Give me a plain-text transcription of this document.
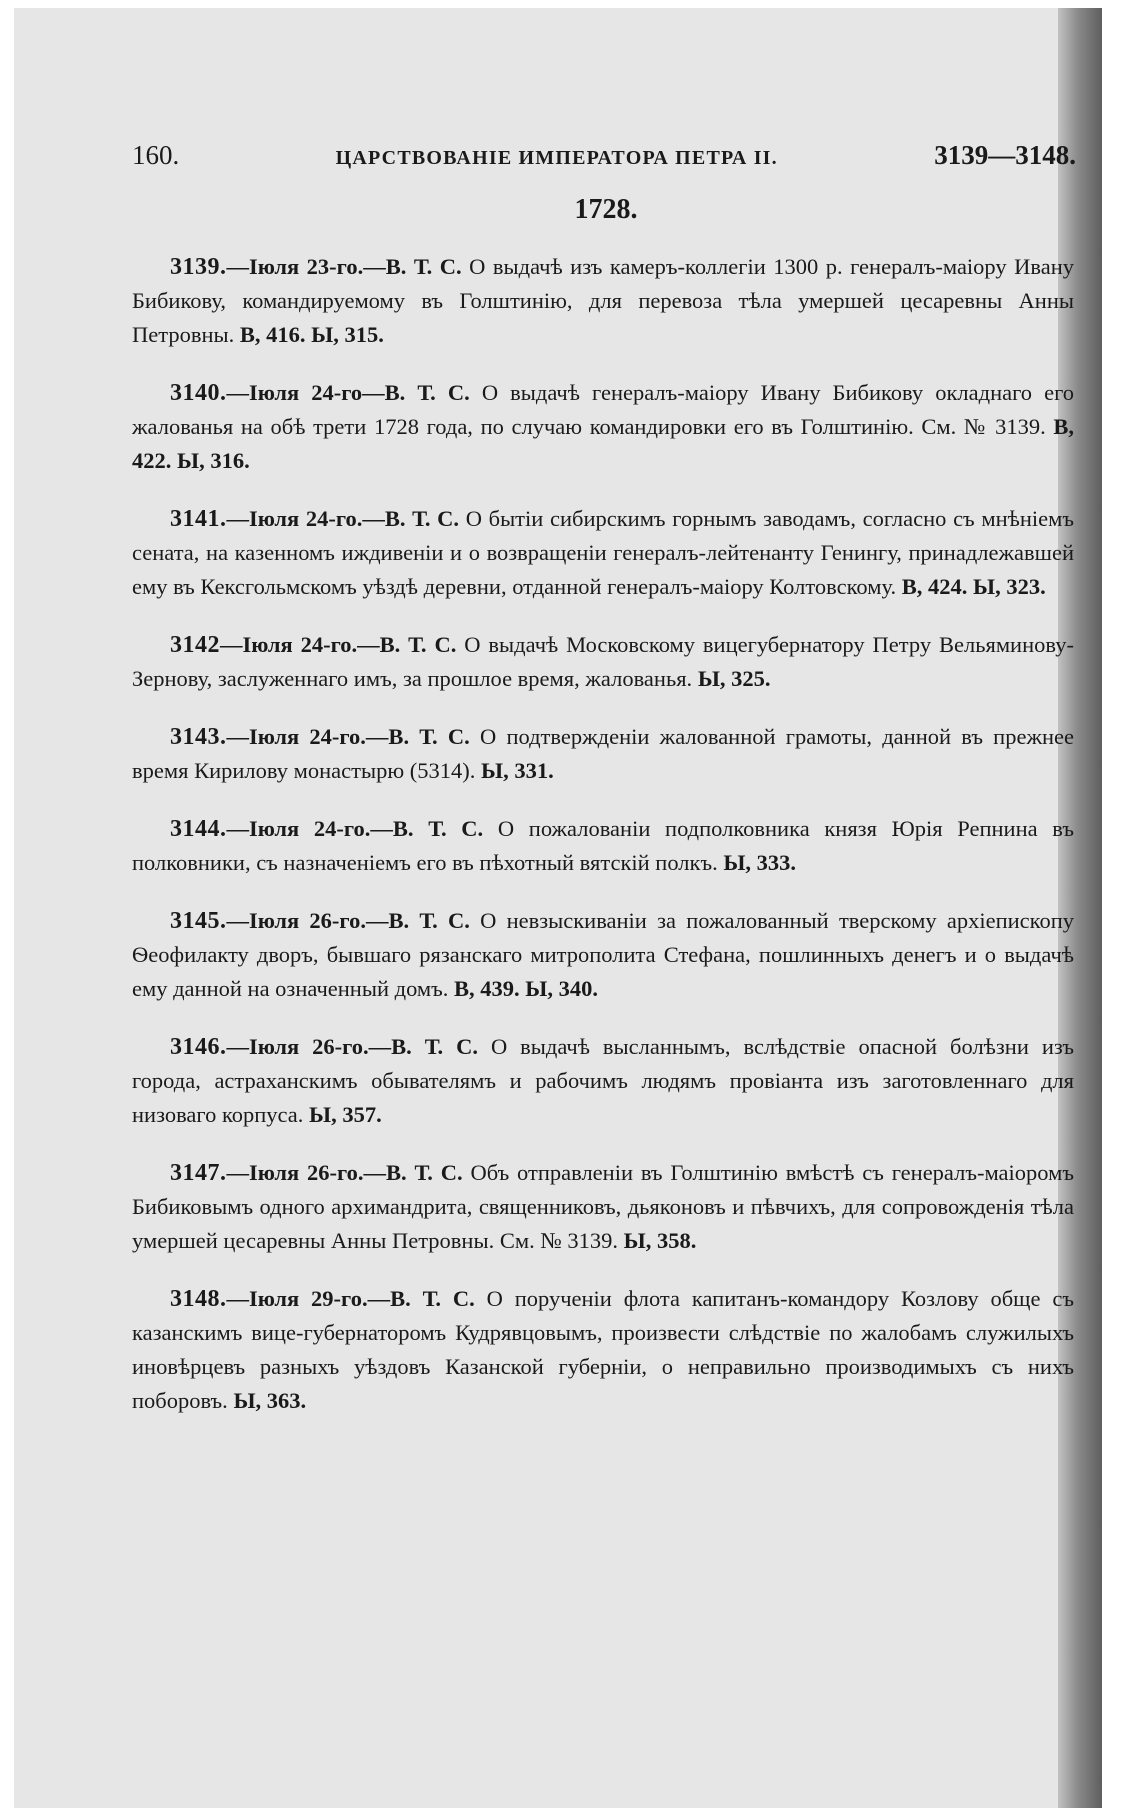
160.	ЦАРСТВОВАНІЕ ИМПЕРАТОРА ПЕТРА II.	3139—3148.
1728.

3139.—Іюля 23-го.—В. Т. С. О выдачѣ изъ камеръ-коллегіи 1300 р. генералъ-маіору Ивану Бибикову, командируемому въ Голштинію, для перевоза тѣла умершей цесаревны Анны Петровны. В, 416. Ы, 315.

3140.—Іюля 24-го—В. Т. С. О выдачѣ генералъ-маіору Ивану Бибикову окладнаго его жалованья на обѣ трети 1728 года, по случаю командировки его въ Голштинію. См. № 3139. В, 422. Ы, 316.

3141.—Іюля 24-го.—В. Т. С. О бытіи сибирскимъ горнымъ заводамъ, согласно съ мнѣніемъ сената, на казенномъ иждивеніи и о возвращеніи генералъ-лейтенанту Генингу, принадлежавшей ему въ Кексгольмскомъ уѣздѣ деревни, отданной генералъ-маіору Колтовскому. В, 424. Ы, 323.

3142—Іюля 24-го.—В. Т. С. О выдачѣ Московскому вицегубернатору Петру Вельяминову-Зернову, заслуженнаго имъ, за прошлое время, жалованья. Ы, 325.

3143.—Іюля 24-го.—В. Т. С. О подтвержденіи жалованной грамоты, данной въ прежнее время Кирилову монастырю (5314). Ы, 331.

3144.—Іюля 24-го.—В. Т. С. О пожалованіи подполковника князя Юрія Репнина въ полковники, съ назначеніемъ его въ пѣхотный вятскій полкъ. Ы, 333.

3145.—Іюля 26-го.—В. Т. С. О невзыскиваніи за пожалованный тверскому архіепископу Ѳеофилакту дворъ, бывшаго рязанскаго митрополита Стефана, пошлинныхъ денегъ и о выдачѣ ему данной на означенный домъ. В, 439. Ы, 340.

3146.—Іюля 26-го.—В. Т. С. О выдачѣ высланнымъ, вслѣдствіе опасной болѣзни изъ города, астраханскимъ обывателямъ и рабочимъ людямъ провіанта изъ заготовленнаго для низоваго корпуса. Ы, 357.

3147.—Іюля 26-го.—В. Т. С. Объ отправленіи въ Голштинію вмѣстѣ съ генералъ-маіоромъ Бибиковымъ одного архимандрита, священниковъ, дьяконовъ и пѣвчихъ, для сопровожденія тѣла умершей цесаревны Анны Петровны. См. № 3139. Ы, 358.

3148.—Іюля 29-го.—В. Т. С. О порученіи флота капитанъ-командору Козлову обще съ казанскимъ вице-губернаторомъ Кудрявцовымъ, произвести слѣдствіе по жалобамъ служилыхъ иновѣрцевъ разныхъ уѣздовъ Казанской губерніи, о неправильно производимыхъ съ нихъ поборовъ. Ы, 363.
